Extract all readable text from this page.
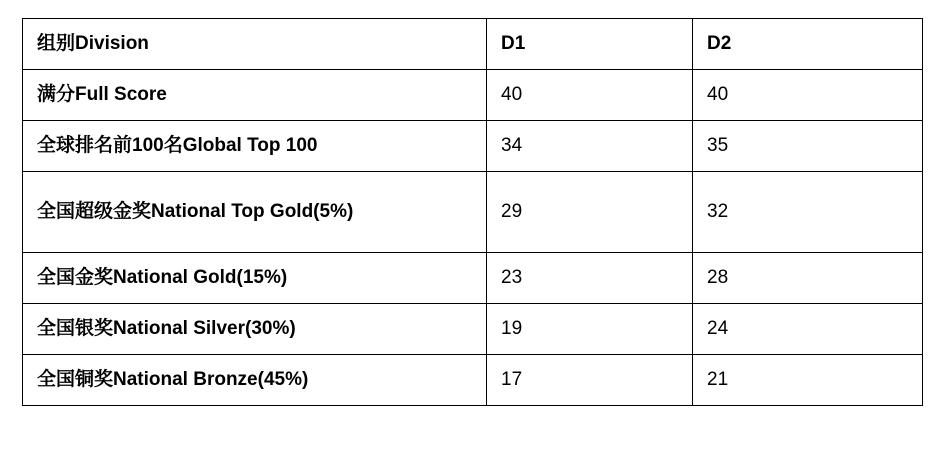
组别Division	D1	D2

满分Full Score	40	40

全球排名前100名Global Top 100	34	35

全国超级金奖National Top Gold(5%)	29	32

全国金奖National Gold(15%)	23	28

全国银奖National Silver(30%)	19	24

全国铜奖National Bronze(45%)	17	21
